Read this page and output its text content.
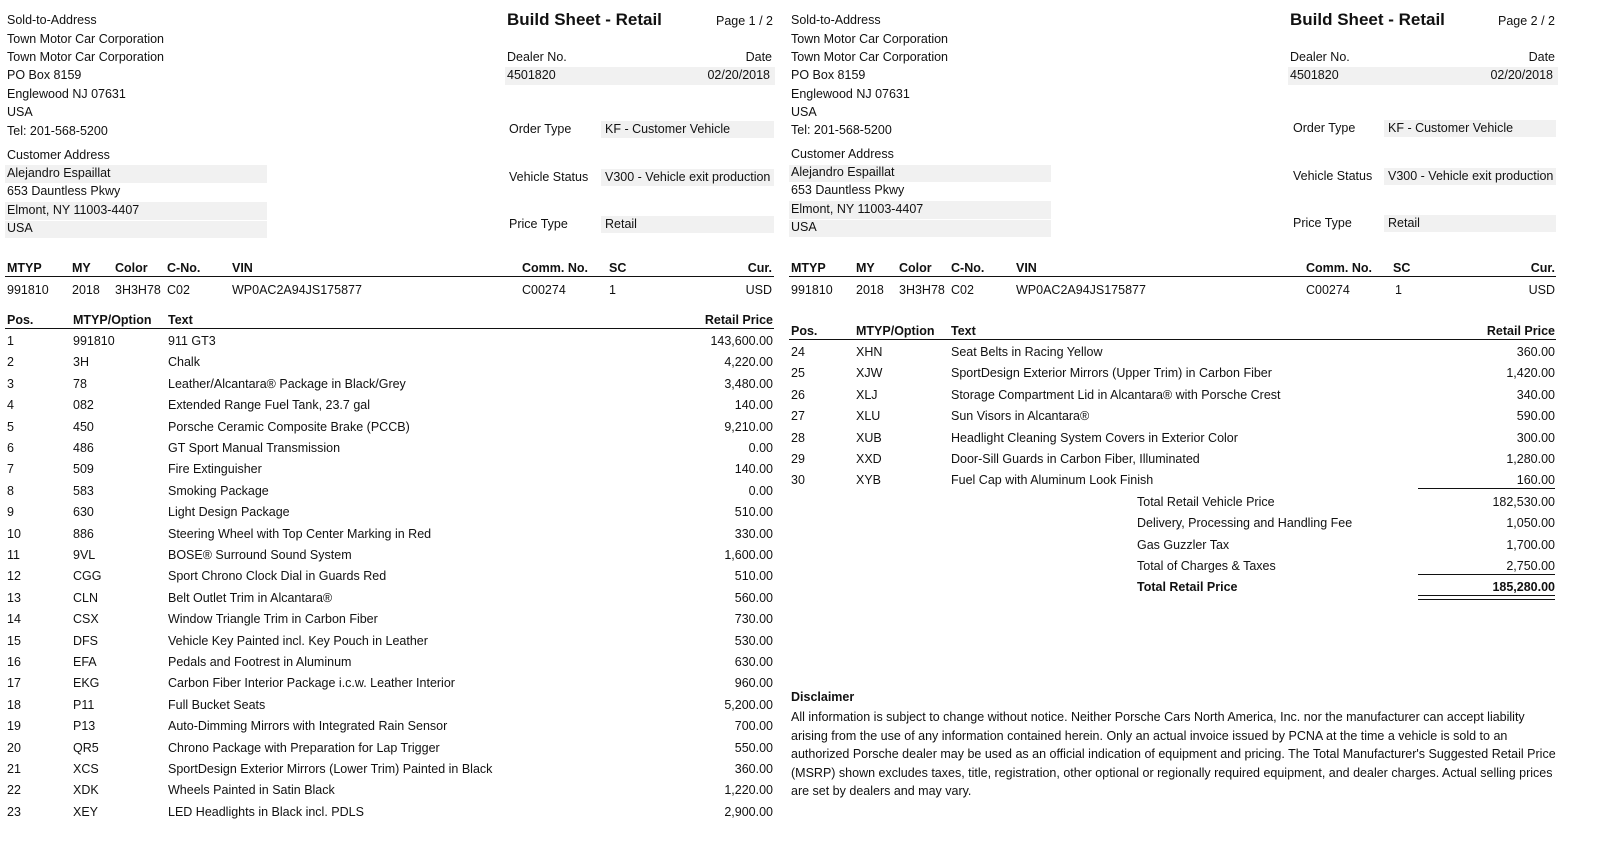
Sold-to-Address
Town Motor Car Corporation
Town Motor Car Corporation
PO Box 8159
Englewood NJ 07631
USA
Tel: 201-568-5200
Customer Address
Alejandro Espaillat
653 Dauntless Pkwy
Elmont, NY 11003-4407
USA
Build Sheet - Retail	Page 1 / 2
Dealer No.	Date
4501820	02/20/2018
Order Type	KF - Customer Vehicle
Vehicle Status V300 - Vehicle exit production
Price Type	Retail
MTYP MY Color C-No.	VIN	Comm. No. SC	Cur.
991810 2018 3H3H78 C02	WP0AC2A94JS175877	C00274	1	USD
Pos.	MTYP/Option Text	Retail Price
1	991810	911 GT3	143,600.00
2	3H	Chalk	4,220.00
3	78	Leather/Alcantara® Package in Black/Grey	3,480.00
4	082	Extended Range Fuel Tank, 23.7 gal	140.00
5	450	Porsche Ceramic Composite Brake (PCCB)	9,210.00
6	486	GT Sport Manual Transmission	0.00
7	509	Fire Extinguisher	140.00
8	583	Smoking Package	0.00
9	630	Light Design Package	510.00
10	886	Steering Wheel with Top Center Marking in Red	330.00
11	9VL	BOSE® Surround Sound System	1,600.00
12	CGG	Sport Chrono Clock Dial in Guards Red	510.00
13	CLN	Belt Outlet Trim in Alcantara®	560.00
14	CSX	Window Triangle Trim in Carbon Fiber	730.00
15	DFS	Vehicle Key Painted incl. Key Pouch in Leather	530.00
16	EFA	Pedals and Footrest in Aluminum	630.00
17	EKG	Carbon Fiber Interior Package i.c.w. Leather Interior	960.00
18	P11	Full Bucket Seats	5,200.00
19	P13	Auto-Dimming Mirrors with Integrated Rain Sensor	700.00
20	QR5	Chrono Package with Preparation for Lap Trigger	550.00
21	XCS	SportDesign Exterior Mirrors (Lower Trim) Painted in Black	360.00
22	XDK	Wheels Painted in Satin Black	1,220.00
23	XEY	LED Headlights in Black incl. PDLS	2,900.00
Sold-to-Address
Town Motor Car Corporation
Town Motor Car Corporation
PO Box 8159
Englewood NJ 07631
USA
Tel: 201-568-5200
Customer Address
Alejandro Espaillat
653 Dauntless Pkwy
Elmont, NY 11003-4407
USA
Build Sheet - Retail	Page 2 / 2
Dealer No.	Date
4501820	02/20/2018
Order Type	KF - Customer Vehicle
Vehicle Status V300 - Vehicle exit production
Price Type	Retail
MTYP MY Color C-No.	VIN	Comm. No. SC	Cur.
991810 2018 3H3H78 C02	WP0AC2A94JS175877	C00274	1	USD
Pos.	MTYP/Option Text	Retail Price
24	XHN	Seat Belts in Racing Yellow	360.00
25	XJW	SportDesign Exterior Mirrors (Upper Trim) in Carbon Fiber	1,420.00
26	XLJ	Storage Compartment Lid in Alcantara® with Porsche Crest	340.00
27	XLU	Sun Visors in Alcantara®	590.00
28	XUB	Headlight Cleaning System Covers in Exterior Color	300.00
29	XXD	Door-Sill Guards in Carbon Fiber, Illuminated	1,280.00
30	XYB	Fuel Cap with Aluminum Look Finish	160.00
Total Retail Vehicle Price	182,530.00
Delivery, Processing and Handling Fee	1,050.00
Gas Guzzler Tax	1,700.00
Total of Charges & Taxes	2,750.00
Total Retail Price	185,280.00
Disclaimer
All information is subject to change without notice. Neither Porsche Cars North America, Inc. nor the manufacturer can accept liability arising from the use of any information contained herein. Only an actual invoice issued by PCNA at the time a vehicle is sold to an authorized Porsche dealer may be used as an official indication of equipment and pricing. The Total Manufacturer's Suggested Retail Price (MSRP) shown excludes taxes, title, registration, other optional or regionally required equipment, and dealer charges. Actual selling prices are set by dealers and may vary.
